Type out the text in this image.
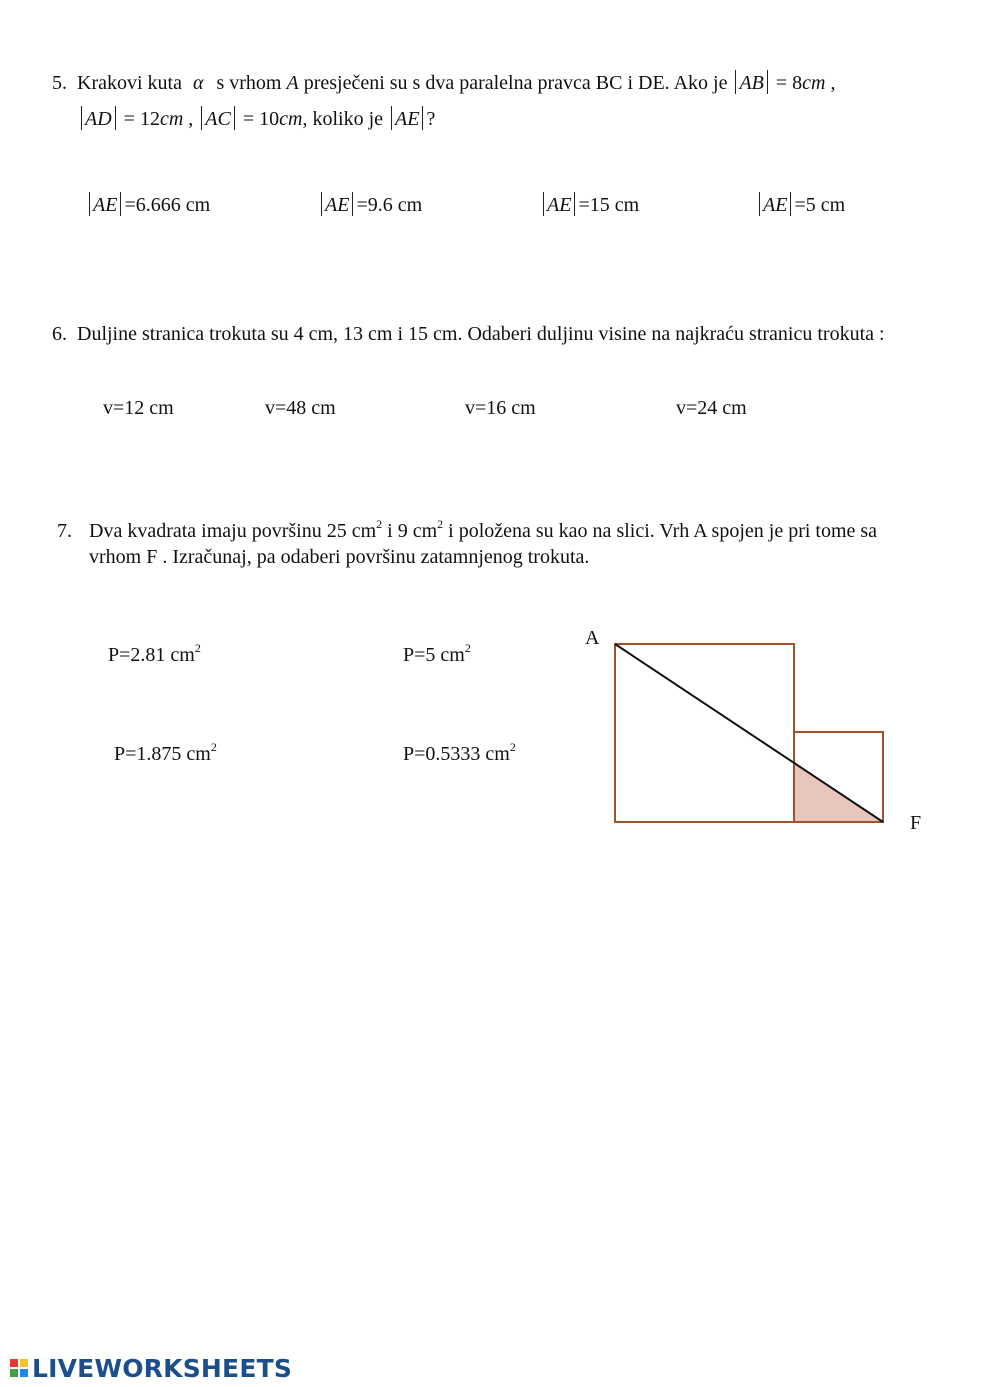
5. Krakovi kuta α s vrhom A presječeni su s dva paralelna pravca BC i DE. Ako je AB = 8cm ,
AD = 12cm , AC = 10cm, koliko je AE ?
AE =6.666 cm	AE =9.6 cm	AE =15 cm	AE =5 cm
6. Duljine stranica trokuta su 4 cm, 13 cm i 15 cm. Odaberi duljinu visine na najkraću stranicu trokuta :
v=12 cm	v=48 cm	v=16 cm	v=24 cm
7. Dva kvadrata imaju površinu 25 $cm^2$ i 9 $cm^2$ i položena su kao na slici. Vrh A spojen je pri tome sa
vrhom F . Izračunaj, pa odaberi površinu zatamnjenog trokuta.
P=2.81 $cm^2$	P=5 $cm^2$
P=1.875 $cm^2$	P=0.5333 $cm^2$
A
F
LIVEWORKSHEETS
